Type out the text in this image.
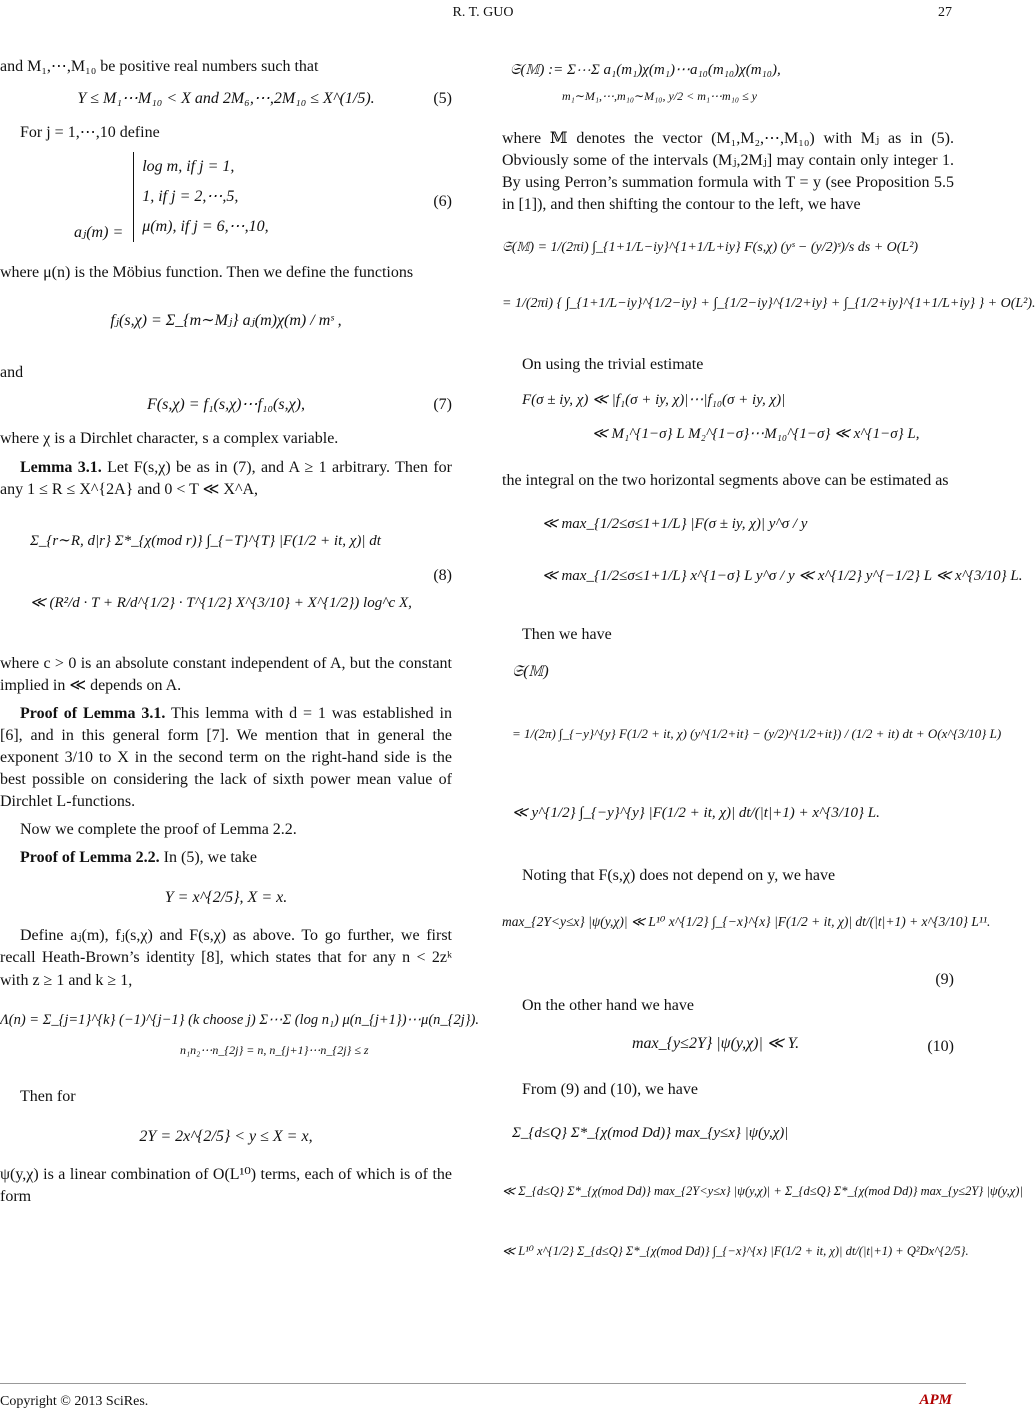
R. T. GUO	27

and M₁,⋯,M₁₀ be positive real numbers such that

Y ≤ M₁⋯M₁₀ < X and 2M₆,⋯,2M₁₀ ≤ X^(1/5).	(5)

For j = 1,⋯,10 define

aⱼ(m) =
log m, if j = 1,
1, if j = 2,⋯,5,
μ(m), if j = 6,⋯,10,
(6)

where μ(n) is the Möbius function. Then we define the functions

fⱼ(s,χ) = Σ_{m∼Mⱼ} aⱼ(m)χ(m) / mˢ ,

and

F(s,χ) = f₁(s,χ)⋯f₁₀(s,χ),	(7)

where χ is a Dirchlet character, s a complex variable.

Lemma 3.1. Let F(s,χ) be as in (7), and A ≥ 1 arbitrary. Then for any 1 ≤ R ≤ X^{2A} and 0 < T ≪ X^A,

Σ_{r∼R, d|r} Σ*_{χ(mod r)} ∫_{−T}^{T} |F(1/2 + it, χ)| dt
≪ (R²/d · T + R/d^{1/2} · T^{1/2} X^{3/10} + X^{1/2}) log^c X,
(8)

where c > 0 is an absolute constant independent of A, but the constant implied in ≪ depends on A.

Proof of Lemma 3.1. This lemma with d = 1 was established in [6], and in this general form [7]. We mention that in general the exponent 3/10 to X in the second term on the right-hand side is the best possible on considering the lack of sixth power mean value of Dirchlet L-functions.

Now we complete the proof of Lemma 2.2.

Proof of Lemma 2.2. In (5), we take

Y = x^{2/5}, X = x.

Define aⱼ(m), fⱼ(s,χ) and F(s,χ) as above. To go further, we first recall Heath-Brown’s identity [8], which states that for any n < 2zᵏ with z ≥ 1 and k ≥ 1,

Λ(n) = Σ_{j=1}^{k} (−1)^{j−1} (k choose j) Σ⋯Σ (log n₁) μ(n_{j+1})⋯μ(n_{2j}).
n₁n₂⋯n_{2j} = n, n_{j+1}⋯n_{2j} ≤ z

Then for

2Y = 2x^{2/5} < y ≤ X = x,

ψ(y,χ) is a linear combination of O(L¹⁰) terms, each of which is of the form

𝔖(𝕄) := Σ⋯Σ a₁(m₁)χ(m₁)⋯a₁₀(m₁₀)χ(m₁₀),
m₁∼M₁,⋯,m₁₀∼M₁₀, y/2 < m₁⋯m₁₀ ≤ y

where 𝕄 denotes the vector (M₁,M₂,⋯,M₁₀) with Mⱼ as in (5). Obviously some of the intervals (Mⱼ,2Mⱼ] may contain only integer 1. By using Perron’s summation formula with T = y (see Proposition 5.5 in [1]), and then shifting the contour to the left, we have

𝔖(𝕄) = 1/(2πi) ∫_{1+1/L−iy}^{1+1/L+iy} F(s,χ) (yˢ − (y/2)ˢ)/s ds + O(L²)
= 1/(2πi) { ∫_{1+1/L−iy}^{1/2−iy} + ∫_{1/2−iy}^{1/2+iy} + ∫_{1/2+iy}^{1+1/L+iy} } + O(L²).

On using the trivial estimate

F(σ ± iy, χ) ≪ |f₁(σ + iy, χ)|⋯|f₁₀(σ + iy, χ)|
≪ M₁^{1−σ} L M₂^{1−σ}⋯M₁₀^{1−σ} ≪ x^{1−σ} L,

the integral on the two horizontal segments above can be estimated as

≪ max_{1/2≤σ≤1+1/L} |F(σ ± iy, χ)| y^σ / y
≪ max_{1/2≤σ≤1+1/L} x^{1−σ} L y^σ / y ≪ x^{1/2} y^{−1/2} L ≪ x^{3/10} L.

Then we have

𝔖(𝕄)
= 1/(2π) ∫_{−y}^{y} F(1/2 + it, χ) (y^{1/2+it} − (y/2)^{1/2+it}) / (1/2 + it) dt + O(x^{3/10} L)
≪ y^{1/2} ∫_{−y}^{y} |F(1/2 + it, χ)| dt/(|t|+1) + x^{3/10} L.

Noting that F(s,χ) does not depend on y, we have

max_{2Y<y≤x} |ψ(y,χ)| ≪ L¹⁰ x^{1/2} ∫_{−x}^{x} |F(1/2 + it, χ)| dt/(|t|+1) + x^{3/10} L¹¹.
(9)

On the other hand we have

max_{y≤2Y} |ψ(y,χ)| ≪ Y.	(10)

From (9) and (10), we have

Σ_{d≤Q} Σ*_{χ(mod Dd)} max_{y≤x} |ψ(y,χ)|
≪ Σ_{d≤Q} Σ*_{χ(mod Dd)} max_{2Y<y≤x} |ψ(y,χ)| + Σ_{d≤Q} Σ*_{χ(mod Dd)} max_{y≤2Y} |ψ(y,χ)|
≪ L¹⁰ x^{1/2} Σ_{d≤Q} Σ*_{χ(mod Dd)} ∫_{−x}^{x} |F(1/2 + it, χ)| dt/(|t|+1) + Q²Dx^{2/5}.
Copyright © 2013 SciRes.	APM
